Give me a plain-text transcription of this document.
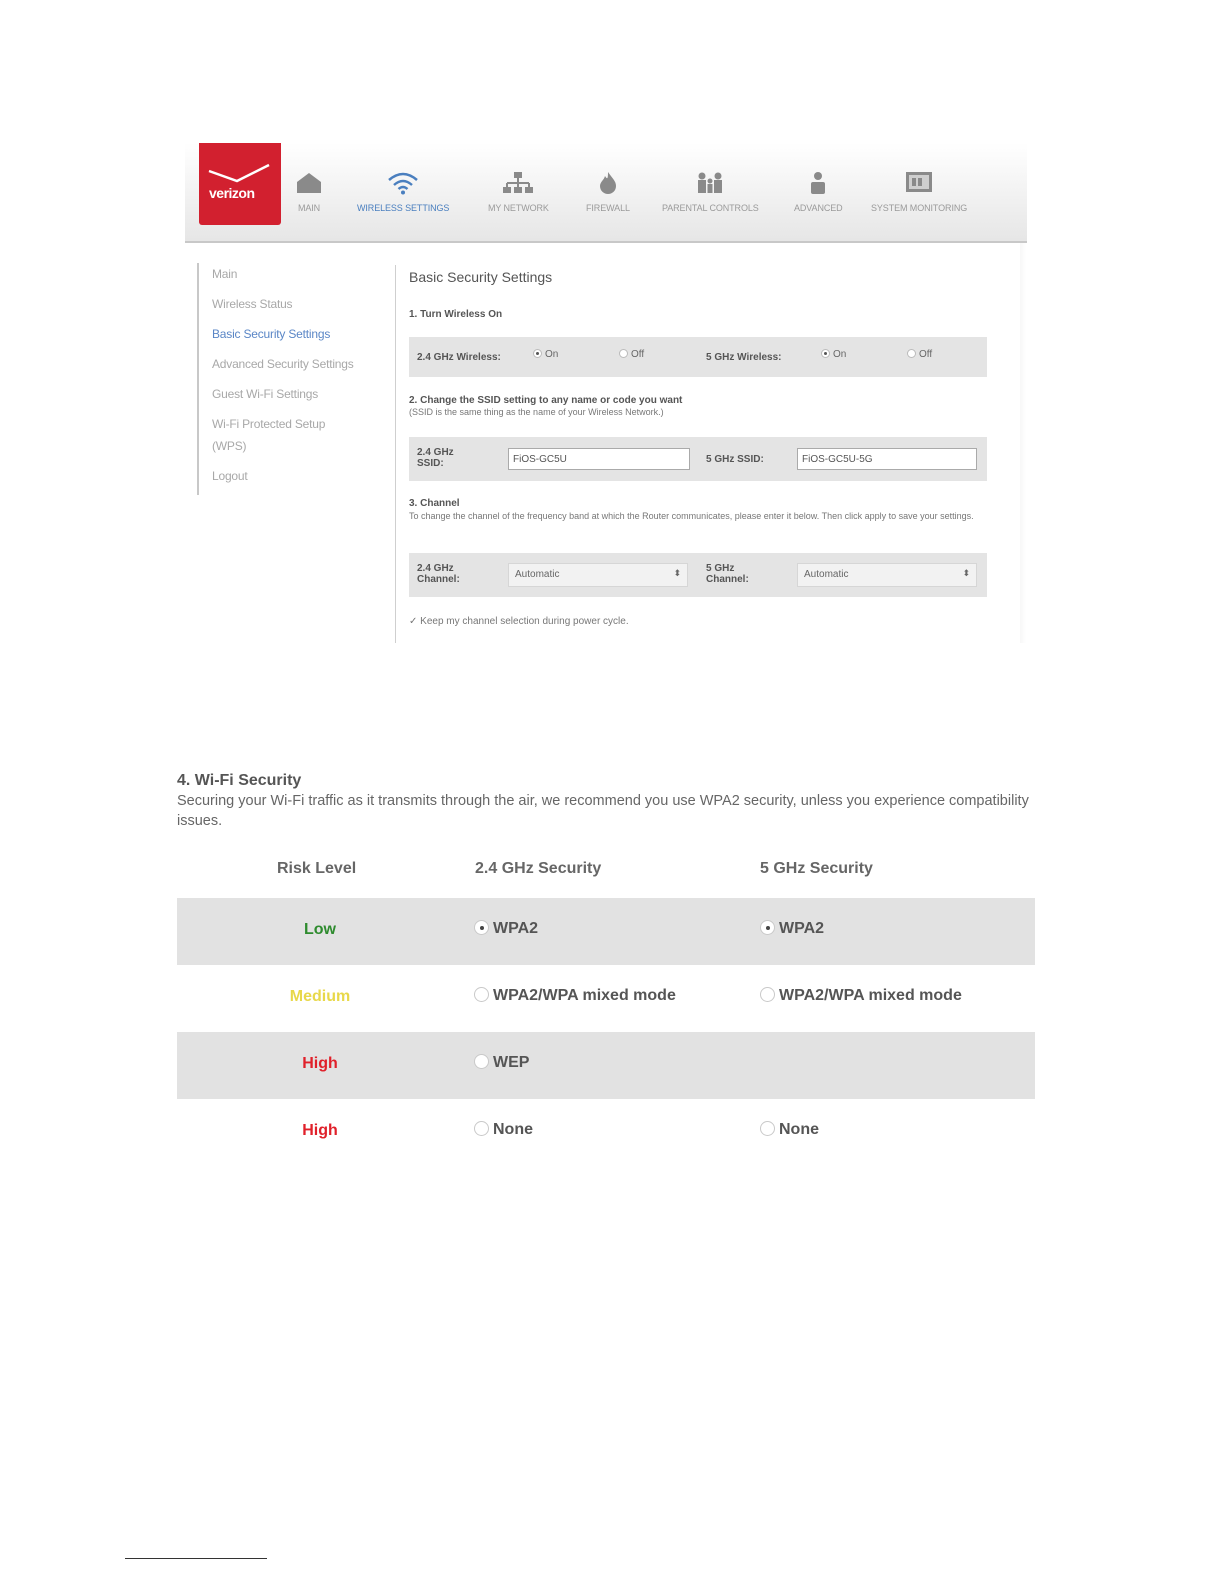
verizon
MAIN	WIRELESS SETTINGS	MY NETWORK	FIREWALL	PARENTAL CONTROLS	ADVANCED	SYSTEM MONITORING
Main
Wireless Status
Basic Security Settings
Advanced Security Settings
Guest Wi-Fi Settings
Wi-Fi Protected Setup (WPS)
Logout
Basic Security Settings
1. Turn Wireless On
2.4 GHz Wireless:	On	Off	5 GHz Wireless:	On	Off
2. Change the SSID setting to any name or code you want
(SSID is the same thing as the name of your Wireless Network.)
2.4 GHz SSID:
FiOS-GC5U	5 GHz SSID:
FiOS-GC5U-5G
3. Channel
To change the channel of the frequency band at which the Router communicates, please enter it below. Then click apply to save your settings.
2.4 GHz Channel:	Automatic	⬍	5 GHz Channel:	Automatic	⬍
✓ Keep my channel selection during power cycle.
4. Wi-Fi Security
Securing your Wi-Fi traffic as it transmits through the air, we recommend you use WPA2 security, unless you experience compatibility issues.
Risk Level	2.4 GHz Security	5 GHz Security
Low	WPA2	WPA2
Medium	WPA2/WPA mixed mode	WPA2/WPA mixed mode
High	WEP
High	None	None
